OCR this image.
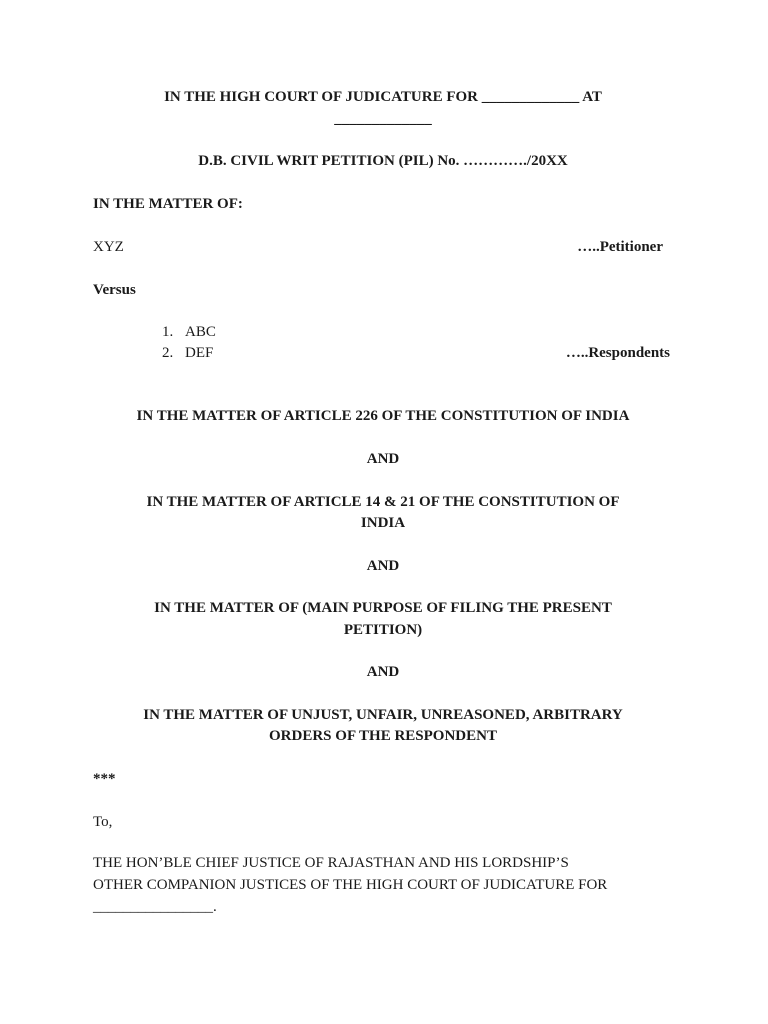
IN THE HIGH COURT OF JUDICATURE FOR _____________ AT
_____________
D.B. CIVIL WRIT PETITION (PIL) No. …………./20XX
IN THE MATTER OF:
XYZ	…..Petitioner
Versus
1. ABC
2. DEF	…..Respondents
IN THE MATTER OF ARTICLE 226 OF THE CONSTITUTION OF INDIA
AND
IN THE MATTER OF ARTICLE 14 & 21 OF THE CONSTITUTION OF
INDIA
AND
IN THE MATTER OF (MAIN PURPOSE OF FILING THE PRESENT
PETITION)
AND
IN THE MATTER OF UNJUST, UNFAIR, UNREASONED, ARBITRARY
ORDERS OF THE RESPONDENT
***
To,
THE HON’BLE CHIEF JUSTICE OF RAJASTHAN AND HIS LORDSHIP’S
OTHER COMPANION JUSTICES OF THE HIGH COURT OF JUDICATURE FOR
________________.
